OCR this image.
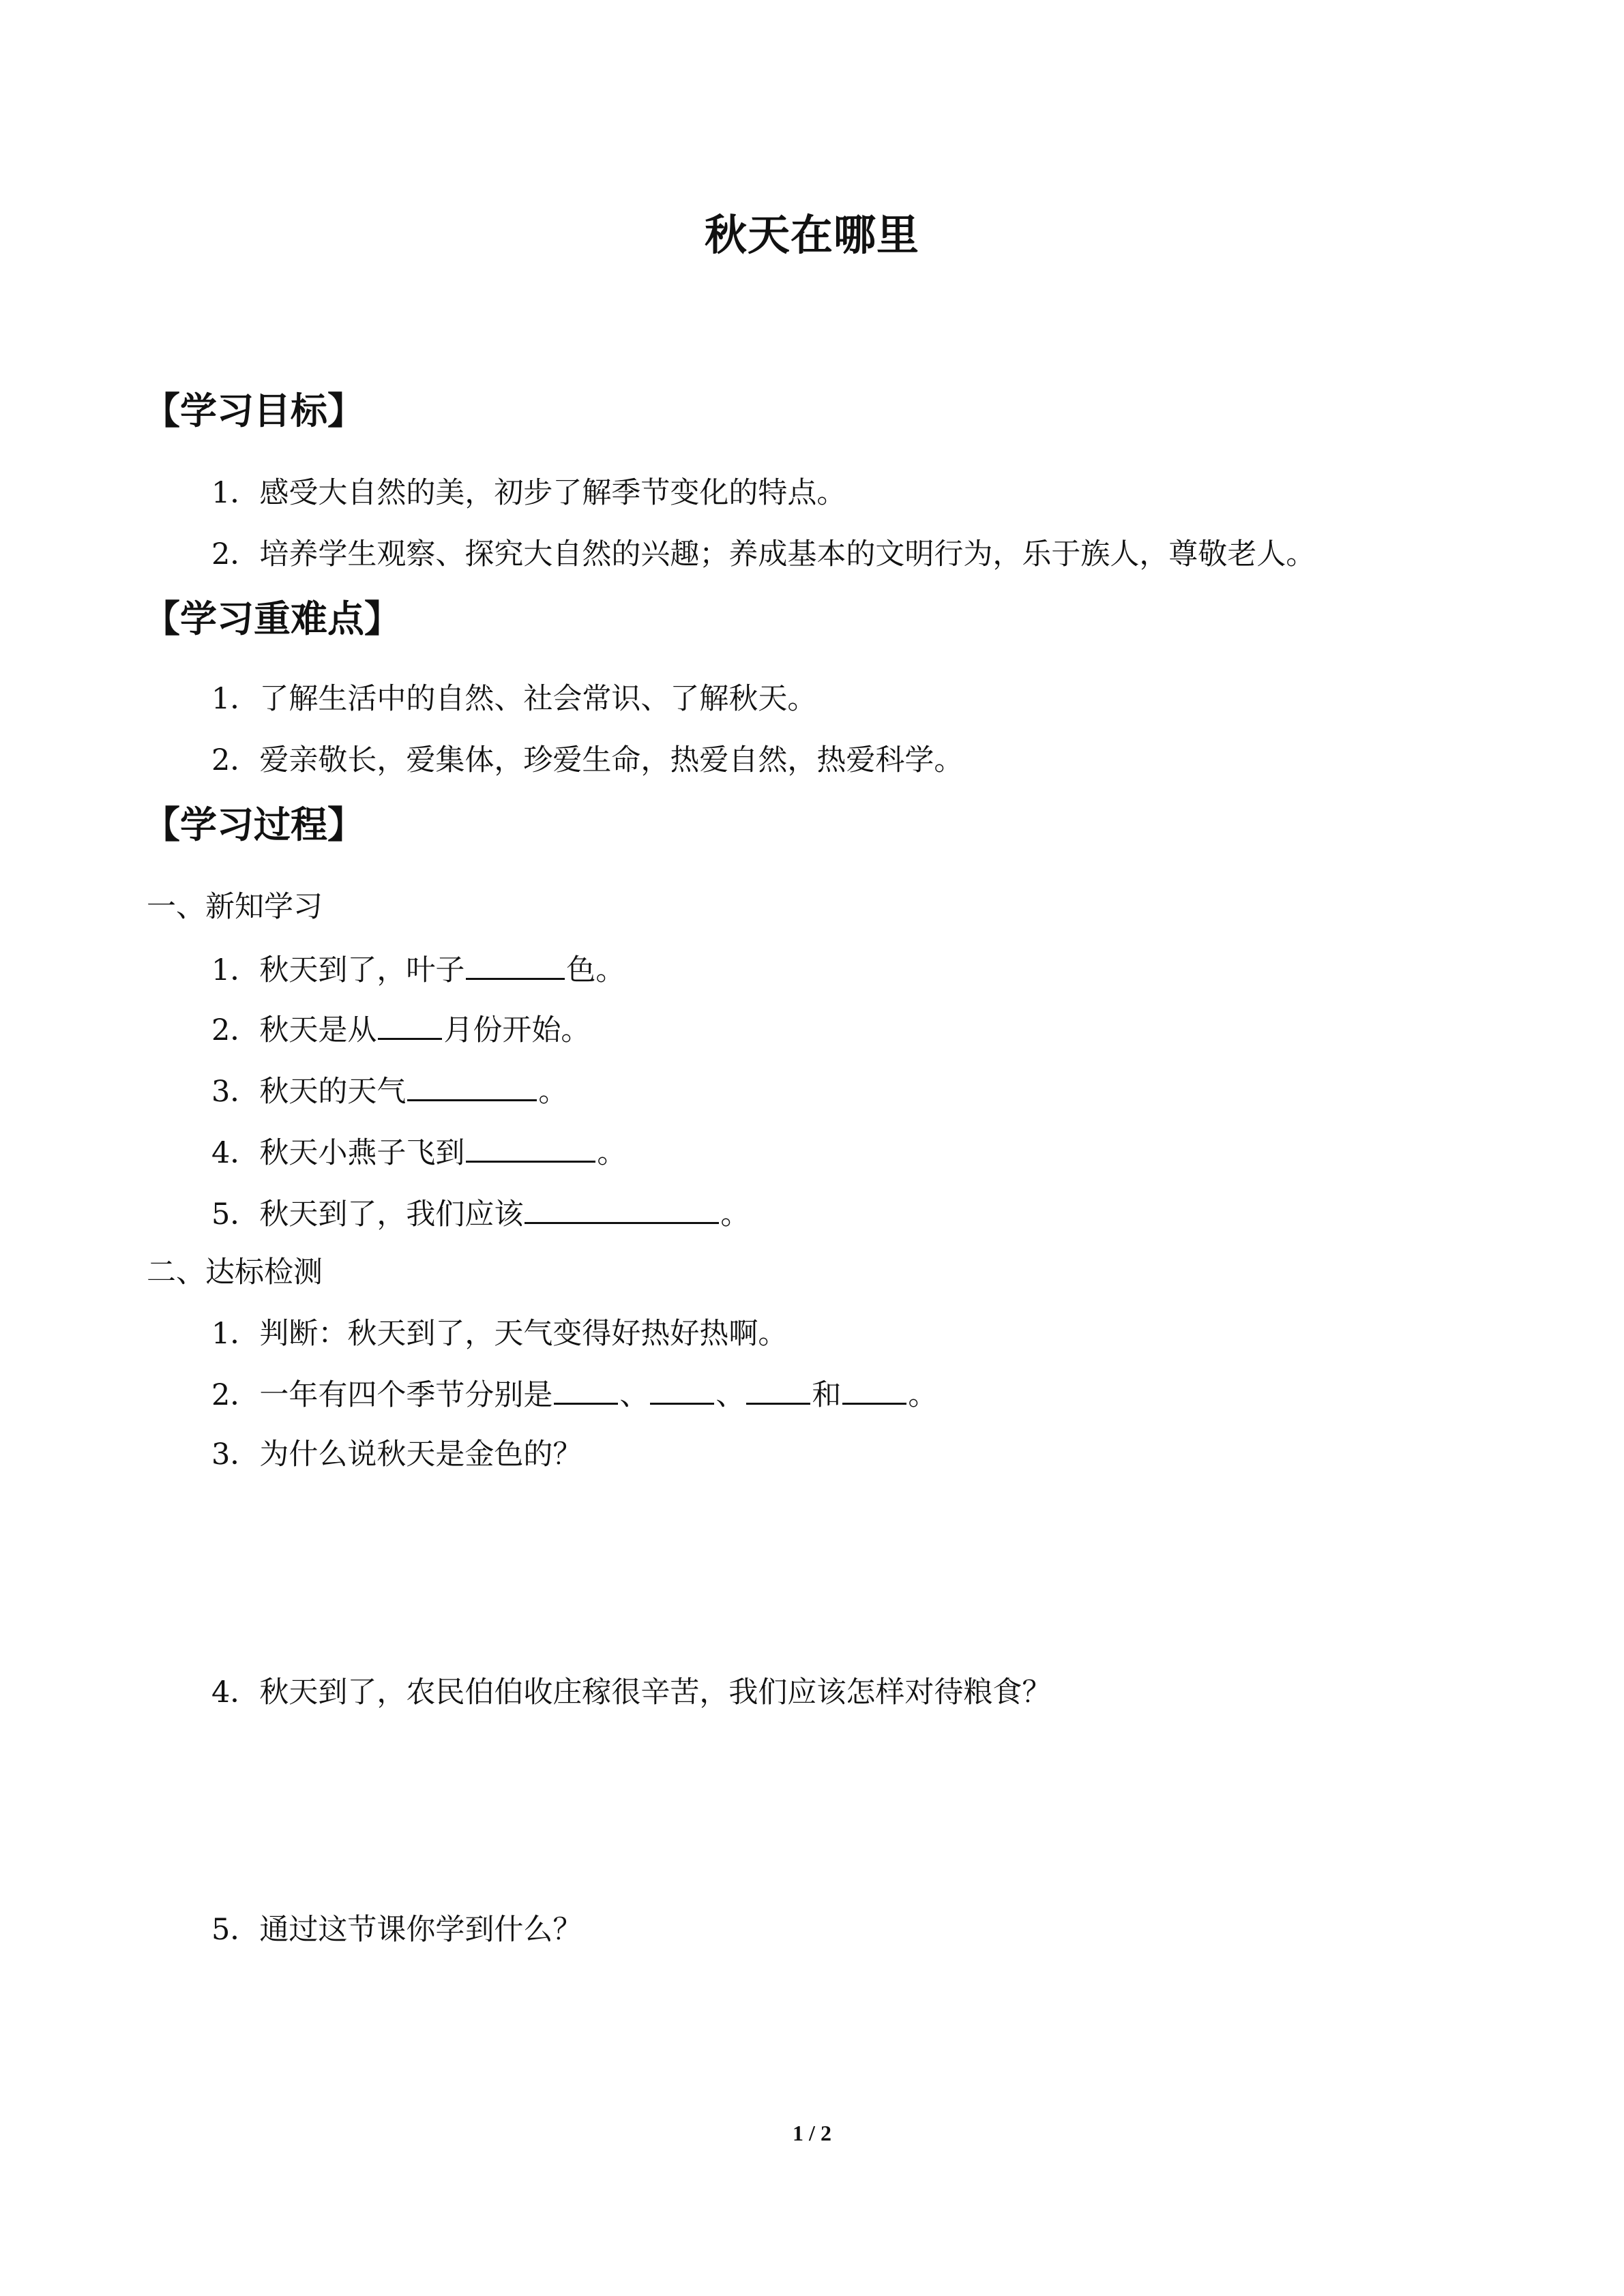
秋天在哪里
【学习目标】
1．感受大自然的美，初步了解季节变化的特点。
2．培养学生观察、探究大自然的兴趣；养成基本的文明行为，乐于族人，尊敬老人。
【学习重难点】
1．了解生活中的自然、社会常识、了解秋天。
2．爱亲敬长，爱集体，珍爱生命，热爱自然，热爱科学。
【学习过程】
一、新知学习
1．秋天到了，叶子	色。
2．秋天是从 月份开始。
3．秋天的天气	。
4．秋天小燕子飞到	。
5．秋天到了，我们应该	。
二、达标检测
1．判断：秋天到了，天气变得好热好热啊。
2．一年有四个季节分别是 、 、 和 。
3．为什么说秋天是金色的？
4．秋天到了，农民伯伯收庄稼很辛苦，我们应该怎样对待粮食？
5．通过这节课你学到什么？
1 / 2
